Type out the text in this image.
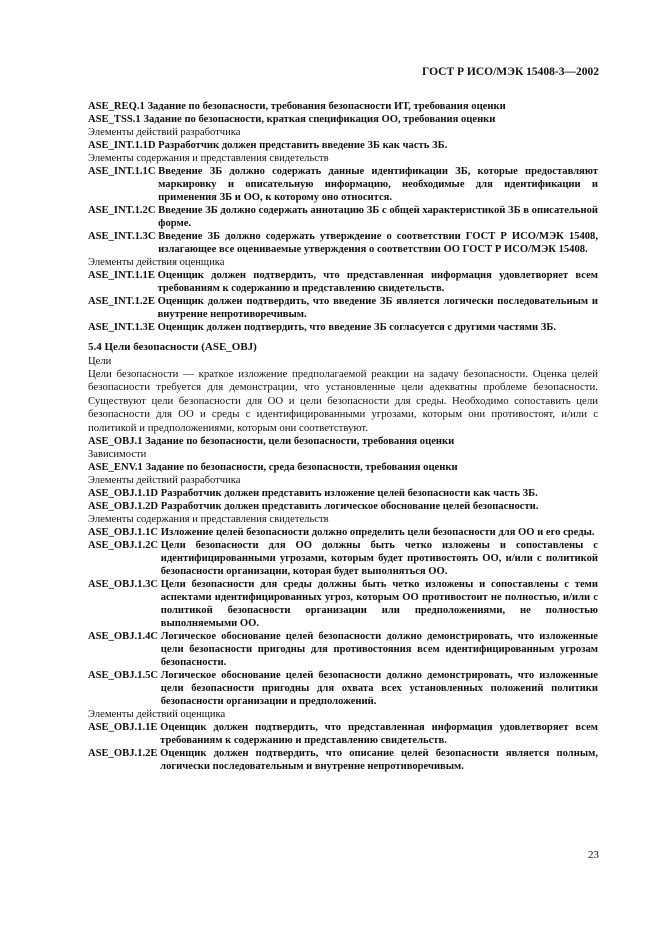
ГОСТ Р ИСО/МЭК 15408-3—2002
ASE_REQ.1 Задание по безопасности, требования безопасности ИТ, требования оценки
ASE_TSS.1 Задание по безопасности, краткая спецификация ОО, требования оценки
Элементы действий разработчика
ASE_INT.1.1D
Разработчик должен представить введение ЗБ как часть ЗБ.
Элементы содержания и представления свидетельств
ASE_INT.1.1C
Введение ЗБ должно содержать данные идентификации ЗБ, которые предоставляют маркировку и описательную информацию, необходимые для идентификации и применения ЗБ и ОО, к которому оно относится.
ASE_INT.1.2C
Введение ЗБ должно содержать аннотацию ЗБ с общей характеристикой ЗБ в описательной форме.
ASE_INT.1.3C
Введение ЗБ должно содержать утверждение о соответствии ГОСТ Р ИСО/МЭК 15408, излагающее все оцениваемые утверждения о соответствии ОО ГОСТ Р ИСО/МЭК 15408.
Элементы действия оценщика
ASE_INT.1.1E
Оценщик должен подтвердить, что представленная информация удовлетворяет всем требованиям к содержанию и представлению свидетельств.
ASE_INT.1.2E
Оценщик должен подтвердить, что введение ЗБ является логически последовательным и внутренне непротиворечивым.
ASE_INT.1.3E
Оценщик должен подтвердить, что введение ЗБ согласуется с другими частями ЗБ.
5.4 Цели безопасности (ASE_OBJ)
Цели
Цели безопасности — краткое изложение предполагаемой реакции на задачу безопасности. Оценка целей безопасности требуется для демонстрации, что установленные цели адекватны проблеме безопасности. Существуют цели безопасности для ОО и цели безопасности для среды. Необходимо сопоставить цели безопасности для ОО и среды с идентифицированными угрозами, которым они противостоят, и/или с политикой и предположениями, которым они соответствуют.
ASE_OBJ.1 Задание по безопасности, цели безопасности, требования оценки
Зависимости
ASE_ENV.1 Задание по безопасности, среда безопасности, требования оценки
Элементы действий разработчика
ASE_OBJ.1.1D
Разработчик должен представить изложение целей безопасности как часть ЗБ.
ASE_OBJ.1.2D
Разработчик должен представить логическое обоснование целей безопасности.
Элементы содержания и представления свидетельств
ASE_OBJ.1.1C
Изложение целей безопасности должно определить цели безопасности для ОО и его среды.
ASE_OBJ.1.2C
Цели безопасности для ОО должны быть четко изложены и сопоставлены с идентифицированными угрозами, которым будет противостоять ОО, и/или с политикой безопасности организации, которая будет выполняться ОО.
ASE_OBJ.1.3C
Цели безопасности для среды должны быть четко изложены и сопоставлены с теми аспектами идентифицированных угроз, которым ОО противостоит не полностью, и/или с политикой безопасности организации или предположениями, не полностью выполняемыми ОО.
ASE_OBJ.1.4C
Логическое обоснование целей безопасности должно демонстрировать, что изложенные цели безопасности пригодны для противостояния всем идентифицированным угрозам безопасности.
ASE_OBJ.1.5C
Логическое обоснование целей безопасности должно демонстрировать, что изложенные цели безопасности пригодны для охвата всех установленных положений политики безопасности организации и предположений.
Элементы действий оценщика
ASE_OBJ.1.1E
Оценщик должен подтвердить, что представленная информация удовлетворяет всем требованиям к содержанию и представлению свидетельств.
ASE_OBJ.1.2E
Оценщик должен подтвердить, что описание целей безопасности является полным, логически последовательным и внутренне непротиворечивым.
23
